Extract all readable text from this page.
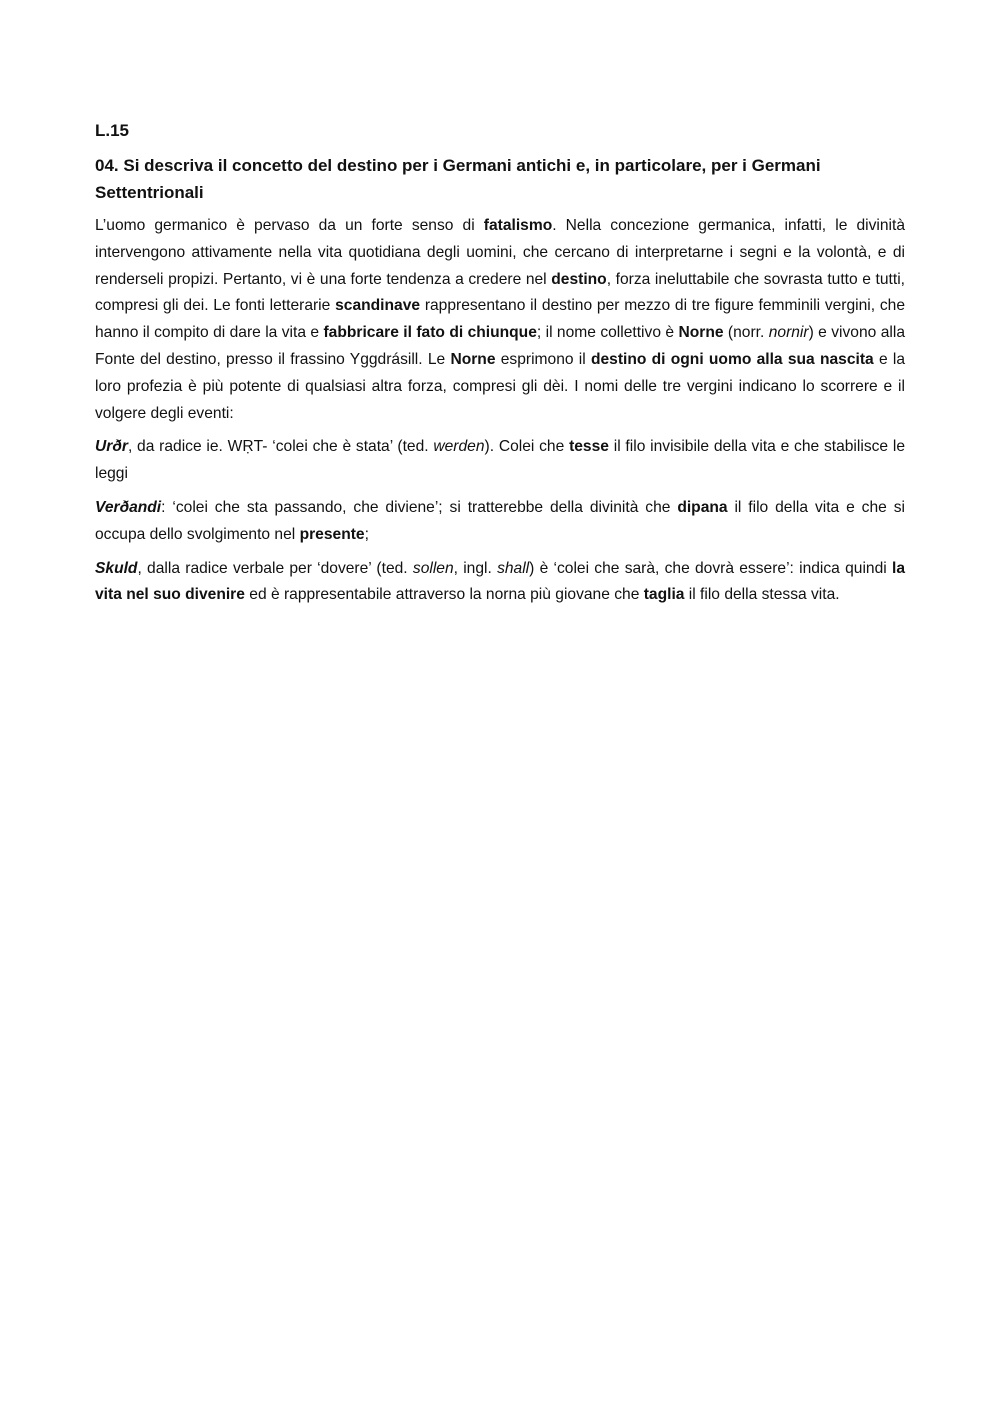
L.15
04. Si descriva il concetto del destino per i Germani antichi e, in particolare, per i Germani Settentrionali

L’uomo germanico è pervaso da un forte senso di fatalismo. Nella concezione germanica, infatti, le divinità intervengono attivamente nella vita quotidiana degli uomini, che cercano di interpretarne i segni e la volontà, e di renderseli propizi. Pertanto, vi è una forte tendenza a credere nel destino, forza ineluttabile che sovrasta tutto e tutti, compresi gli dei. Le fonti letterarie scandinave rappresentano il destino per mezzo di tre figure femminili vergini, che hanno il compito di dare la vita e fabbricare il fato di chiunque; il nome collettivo è Norne (norr. nornir) e vivono alla Fonte del destino, presso il frassino Yggdrásill. Le Norne esprimono il destino di ogni uomo alla sua nascita e la loro profezia è più potente di qualsiasi altra forza, compresi gli dèi. I nomi delle tre vergini indicano lo scorrere e il volgere degli eventi:

Urðr, da radice ie. WṚT- ‘colei che è stata’ (ted. werden). Colei che tesse il filo invisibile della vita e che stabilisce le leggi

Verðandi: ‘colei che sta passando, che diviene’; si tratterebbe della divinità che dipana il filo della vita e che si occupa dello svolgimento nel presente;

Skuld, dalla radice verbale per ‘dovere’ (ted. sollen, ingl. shall) è ‘colei che sarà, che dovrà essere’: indica quindi la vita nel suo divenire ed è rappresentabile attraverso la norna più giovane che taglia il filo della stessa vita.
